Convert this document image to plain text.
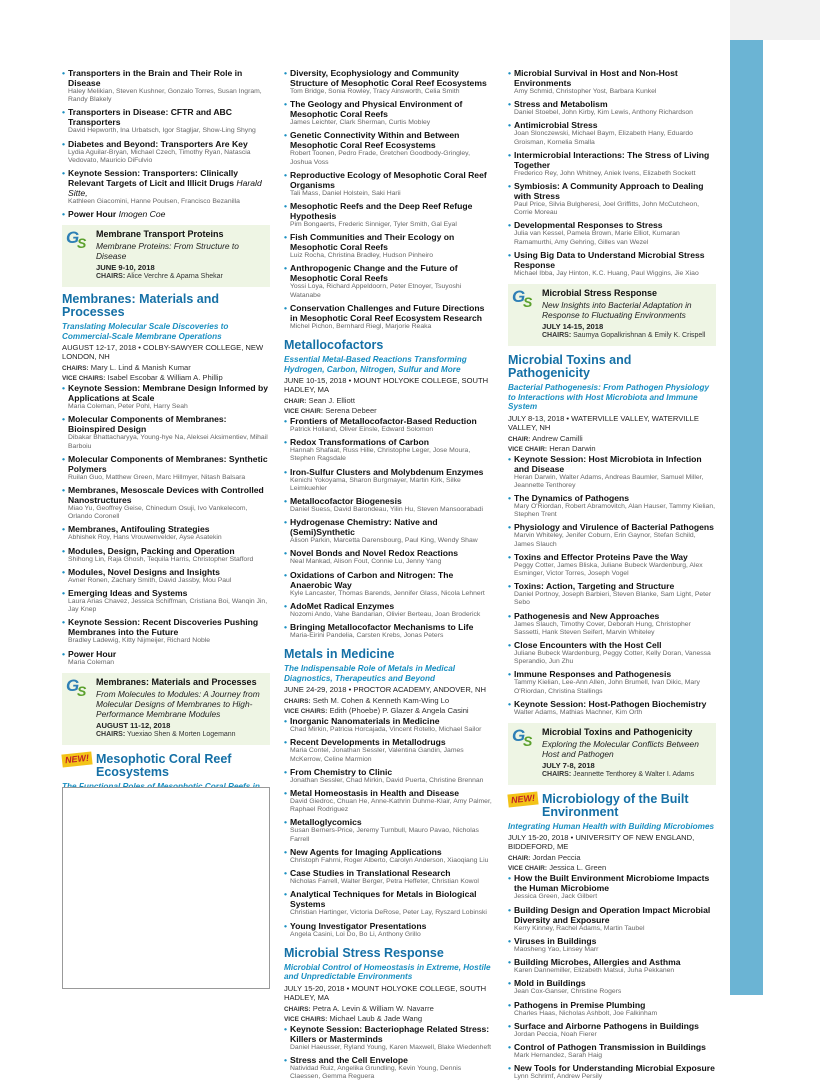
• Transporters in the Brain and Their Role in Disease
Haley Melikian, Steven Kushner, Gonzalo Torres, Susan Ingram, Randy Blakely
• Transporters in Disease: CFTR and ABC Transporters
David Hepworth, Ina Urbatsch, Igor Stagljar, Show-Ling Shyng
• Diabetes and Beyond: Transporters Are Key
Lydia Aguilar-Bryan, Michael Czech, Timothy Ryan, Natascia Vedovato, Mauricio DiFulvio
• Keynote Session: Transporters: Clinically Relevant Targets of Licit and Illicit Drugs Harald Sitte,
Kathleen Giacomini, Hanne Poulsen, Francisco Bezanilla
• Power Hour Imogen Coe
G
S
Membrane Transport Proteins
Membrane Proteins: From Structure to Disease
JUNE 9-10, 2018
CHAIRS: Alice Verchre & Aparna Shekar
Membranes: Materials and Processes
Translating Molecular Scale Discoveries to Commercial-Scale Membrane Operations
AUGUST 12-17, 2018 • COLBY-SAWYER COLLEGE, NEW LONDON, NH
CHAIRS: Mary L. Lind & Manish Kumar
VICE CHAIRS: Isabel Escobar & William A. Phillip
• Keynote Session: Membrane Design Informed by Applications at Scale
Maria Coleman, Peter Pohl, Harry Seah
• Molecular Components of Membranes: Bioinspired Design
Dibakar Bhattacharyya, Young-hye Na, Aleksei Aksimentiev, Mihail Barboiu
• Molecular Components of Membranes: Synthetic Polymers
Ruilan Guo, Matthew Green, Marc Hillmyer, Nitash Balsara
• Membranes, Mesoscale Devices with Controlled Nanostructures
Miao Yu, Geoffrey Geise, Chinedum Osuji, Ivo Vankelecom, Orlando Coronell
• Membranes, Antifouling Strategies
Abhishek Roy, Hans Vrouwenvelder, Ayse Asatekin
• Modules, Design, Packing and Operation
Shihong Lin, Raja Ghosh, Tequila Harris, Christopher Stafford
• Modules, Novel Designs and Insights
Avner Ronen, Zachary Smith, David Jassby, Mou Paul
• Emerging Ideas and Systems
Laura Arias Chavez, Jessica Schiffman, Cristiana Boi, Wanqin Jin, Jay Knep
• Keynote Session: Recent Discoveries Pushing Membranes into the Future
Bradley Ladewig, Kitty Nijmeijer, Richard Noble
• Power Hour
Maria Coleman
G
S
Membranes: Materials and Processes
From Molecules to Modules: A Journey from Molecular Designs of Membranes to High-Performance Membrane Modules
AUGUST 11-12, 2018
CHAIRS: Yuexiao Shen & Morten Logemann
NEW! Mesophotic Coral Reef Ecosystems
• Diversity, Ecophysiology and Community Structure of Mesophotic Coral Reef Ecosystems
Tom Bridge, Sonia Rowley, Tracy Ainsworth, Celia Smith
• The Geology and Physical Environment of Mesophotic Coral Reefs
James Leichter, Clark Sherman, Curtis Mobley
• Genetic Connectivity Within and Between Mesophotic Coral Reef Ecosystems
Robert Toonen, Pedro Frade, Gretchen Goodbody-Gringley, Joshua Voss
• Reproductive Ecology of Mesophotic Coral Reef Organisms
Tali Mass, Daniel Holstein, Saki Harii
• Mesophotic Reefs and the Deep Reef Refuge Hypothesis
Pim Bongaerts, Frederic Sinniger, Tyler Smith, Gal Eyal
• Fish Communities and Their Ecology on Mesophotic Coral Reefs
Luiz Rocha, Christina Bradley, Hudson Pinheiro
• Anthropogenic Change and the Future of Mesophotic Coral Reefs
Yossi Loya, Richard Appeldoorn, Peter Etnoyer, Tsuyoshi Watanabe
• Conservation Challenges and Future Directions in Mesophotic Coral Reef Ecosystem Research
Michel Pichon, Bernhard Riegl, Marjorie Reaka
Metallocofactors
Essential Metal-Based Reactions Transforming Hydrogen, Carbon, Nitrogen, Sulfur and More
JUNE 10-15, 2018 • MOUNT HOLYOKE COLLEGE, SOUTH HADLEY, MA
CHAIR: Sean J. Elliott
VICE CHAIR: Serena Debeer
• Frontiers of Metallocofactor-Based Reduction
Patrick Holland, Oliver Einsle, Edward Solomon
• Redox Transformations of Carbon
Hannah Shafaat, Russ Hille, Christophe Leger, Jose Moura, Stephen Ragsdale
• Iron-Sulfur Clusters and Molybdenum Enzymes
Kenichi Yokoyama, Sharon Burgmayer, Martin Kirk, Silke Leimkuehler
• Metallocofactor Biogenesis
Daniel Suess, David Barondeau, Yilin Hu, Steven Mansoorabadi
• Hydrogenase Chemistry: Native and (Semi)Synthetic
Alison Parkin, Marcetta Darensbourg, Paul King, Wendy Shaw
• Novel Bonds and Novel Redox Reactions
Neal Mankad, Alison Fout, Connie Lu, Jenny Yang
• Oxidations of Carbon and Nitrogen: The Anaerobic Way
Kyle Lancaster, Thomas Barends, Jennifer Glass, Nicola Lehnert
• AdoMet Radical Enzymes
Nozomi Ando, Vahe Bandarian, Olivier Berteau, Joan Broderick
• Bringing Metallocofactor Mechanisms to Life
Maria-Eirini Pandelia, Carsten Krebs, Jonas Peters
Metals in Medicine
The Indispensable Role of Metals in Medical Diagnostics, Therapeutics and Beyond
JUNE 24-29, 2018 • PROCTOR ACADEMY, ANDOVER, NH
CHAIRS: Seth M. Cohen & Kenneth Kam-Wing Lo
VICE CHAIRS: Edith (Phoebe) P. Glazer & Angela Casini
• Inorganic Nanomaterials in Medicine
Chad Mirkin, Patricia Horcajada, Vincent Rotello, Michael Sailor
• Recent Developments in Metallodrugs
Maria Contel, Jonathan Sessler, Valentina Gandin, James McKerrow, Celine Marmion
• From Chemistry to Clinic
Jonathan Sessler, Chad Mirkin, David Puerta, Christine Brennan
• Metal Homeostasis in Health and Disease
David Giedroc, Chuan He, Anne-Kathrin Duhme-Klair, Amy Palmer, Raphael Rodriguez
• Metalloglycomics
Susan Berners-Price, Jeremy Turnbull, Mauro Pavao, Nicholas Farrell
• New Agents for Imaging Applications
Christoph Fahrni, Roger Alberto, Carolyn Anderson, Xiaoqiang Liu
• Case Studies in Translational Research
Nicholas Farrell, Walter Berger, Petra Heffeter, Christian Kowol
• Analytical Techniques for Metals in Biological Systems
Christian Hartinger, Victoria DeRose, Peter Lay, Ryszard Lobinski
• Young Investigator Presentations
Angela Casini, Loi Do, Bo Li, Anthony Grillo
Microbial Stress Response
Microbial Control of Homeostasis in Extreme, Hostile and Unpredictable Environments
JULY 15-20, 2018 • MOUNT HOLYOKE COLLEGE, SOUTH HADLEY, MA
CHAIRS: Petra A. Levin & William W. Navarre
VICE CHAIRS: Michael Laub & Jade Wang
• Keynote Session: Bacteriophage Related Stress: Killers or Masterminds
Daniel Haeusser, Ryland Young, Karen Maxwell, Blake Wiedenheft
• Stress and the Cell Envelope
Natividad Ruiz, Angelika Grundling, Kevin Young, Dennis Claessen, Gemma Reguera
• Microbial Survival in Host and Non-Host Environments
Amy Schmid, Christopher Yost, Barbara Kunkel
• Stress and Metabolism
Daniel Stoebel, John Kirby, Kim Lewis, Anthony Richardson
• Antimicrobial Stress
Joan Slonczewski, Michael Baym, Elizabeth Hany, Eduardo Groisman, Kornelia Smalla
• Intermicrobial Interactions: The Stress of Living Together
Frederico Rey, John Whitney, Aniek Ivens, Elizabeth Sockett
• Symbiosis: A Community Approach to Dealing with Stress
Paul Price, Silvia Bulgheresi, Joel Griffitts, John McCutcheon, Corrie Moreau
• Developmental Responses to Stress
Julia van Kessel, Pamela Brown, Marie Elliot, Kumaran Ramamurthi, Amy Gehring, Gilles van Wezel
• Using Big Data to Understand Microbial Stress Response
Michael Ibba, Jay Hinton, K.C. Huang, Paul Wiggins, Jie Xiao
G
S
Microbial Stress Response
New Insights into Bacterial Adaptation in Response to Fluctuating Environments
JULY 14-15, 2018
CHAIRS: Saumya Gopalkrishnan & Emily K. Crispell
Microbial Toxins and Pathogenicity
Bacterial Pathogenesis: From Pathogen Physiology to Interactions with Host Microbiota and Immune System
JULY 8-13, 2018 • WATERVILLE VALLEY, WATERVILLE VALLEY, NH
CHAIR: Andrew Camilli
VICE CHAIR: Heran Darwin
• Keynote Session: Host Microbiota in Infection and Disease
Heran Darwin, Walter Adams, Andreas Baumler, Samuel Miller, Jeannette Tenthorey
• The Dynamics of Pathogens
Mary O'Riordan, Robert Abramovitch, Alan Hauser, Tammy Kielian, Stephen Trent
• Physiology and Virulence of Bacterial Pathogens
Marvin Whiteley, Jenifer Coburn, Erin Gaynor, Stefan Schild, James Slauch
• Toxins and Effector Proteins Pave the Way
Peggy Cotter, James Bliska, Juliane Bubeck Wardenburg, Alex Esminger, Victor Torres, Joseph Vogel
• Toxins: Action, Targeting and Structure
Daniel Portnoy, Joseph Barbieri, Steven Blanke, Sam Light, Peter Sebo
• Pathogenesis and New Approaches
James Slauch, Timothy Cover, Deborah Hung, Christopher Sassetti, Hank Steven Seifert, Marvin Whiteley
• Close Encounters with the Host Cell
Juliane Bubeck Wardenburg, Peggy Cotter, Kelly Doran, Vanessa Sperandio, Jun Zhu
• Immune Responses and Pathogenesis
Tammy Kielian, Lee-Ann Allen, John Brumell, Ivan Dikic, Mary O'Riordan, Christina Stallings
• Keynote Session: Host-Pathogen Biochemistry
Walter Adams, Mathias Machner, Kim Orth
G
S
Microbial Toxins and Pathogenicity
Exploring the Molecular Conflicts Between Host and Pathogen
JULY 7-8, 2018
CHAIRS: Jeannette Tenthorey & Walter I. Adams
NEW! Microbiology of the Built Environment
Integrating Human Health with Building Microbiomes
JULY 15-20, 2018 • UNIVERSITY OF NEW ENGLAND, BIDDEFORD, ME
CHAIR: Jordan Peccia
VICE CHAIR: Jessica L. Green
• How the Built Environment Microbiome Impacts the Human Microbiome
Jessica Green, Jack Gilbert
• Building Design and Operation Impact Microbial Diversity and Exposure
Kerry Kinney, Rachel Adams, Martin Taubel
• Viruses in Buildings
Maosheng Yao, Linsey Marr
• Building Microbes, Allergies and Asthma
Karen Dannemiller, Elizabeth Matsui, Juha Pekkanen
• Mold in Buildings
Jean Cox-Ganser, Christine Rogers
• Pathogens in Premise Plumbing
Charles Haas, Nicholas Ashbolt, Joe Falkinham
• Surface and Airborne Pathogens in Buildings
Jordan Peccia, Noah Fierer
• Control of Pathogen Transmission in Buildings
Mark Hernandez, Sarah Haig
• New Tools for Understanding Microbial Exposure
Lynn Schrimf, Andrew Persily
